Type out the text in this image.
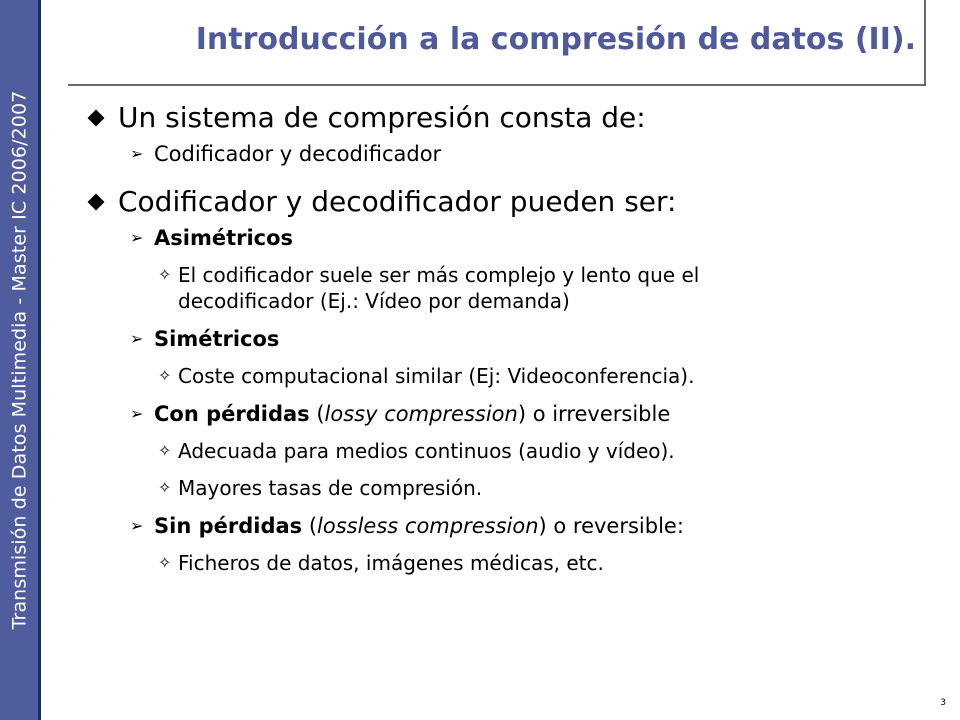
Transmisión de Datos Multimedia - Master IC 2006/2007
Introducción a la compresión de datos (II).
Un sistema de compresión consta de:
➢ Codificador y decodificador
Codificador y decodificador pueden ser:
➢ Asimétricos
✧ El codificador suele ser más complejo y lento que el decodificador (Ej.: Vídeo por demanda)
➢ Simétricos
✧ Coste computacional similar (Ej: Videoconferencia).
➢ Con pérdidas (lossy compression) o irreversible
✧ Adecuada para medios continuos (audio y vídeo).
✧ Mayores tasas de compresión.
➢ Sin pérdidas (lossless compression) o reversible:
✧ Ficheros de datos, imágenes médicas, etc.
3
